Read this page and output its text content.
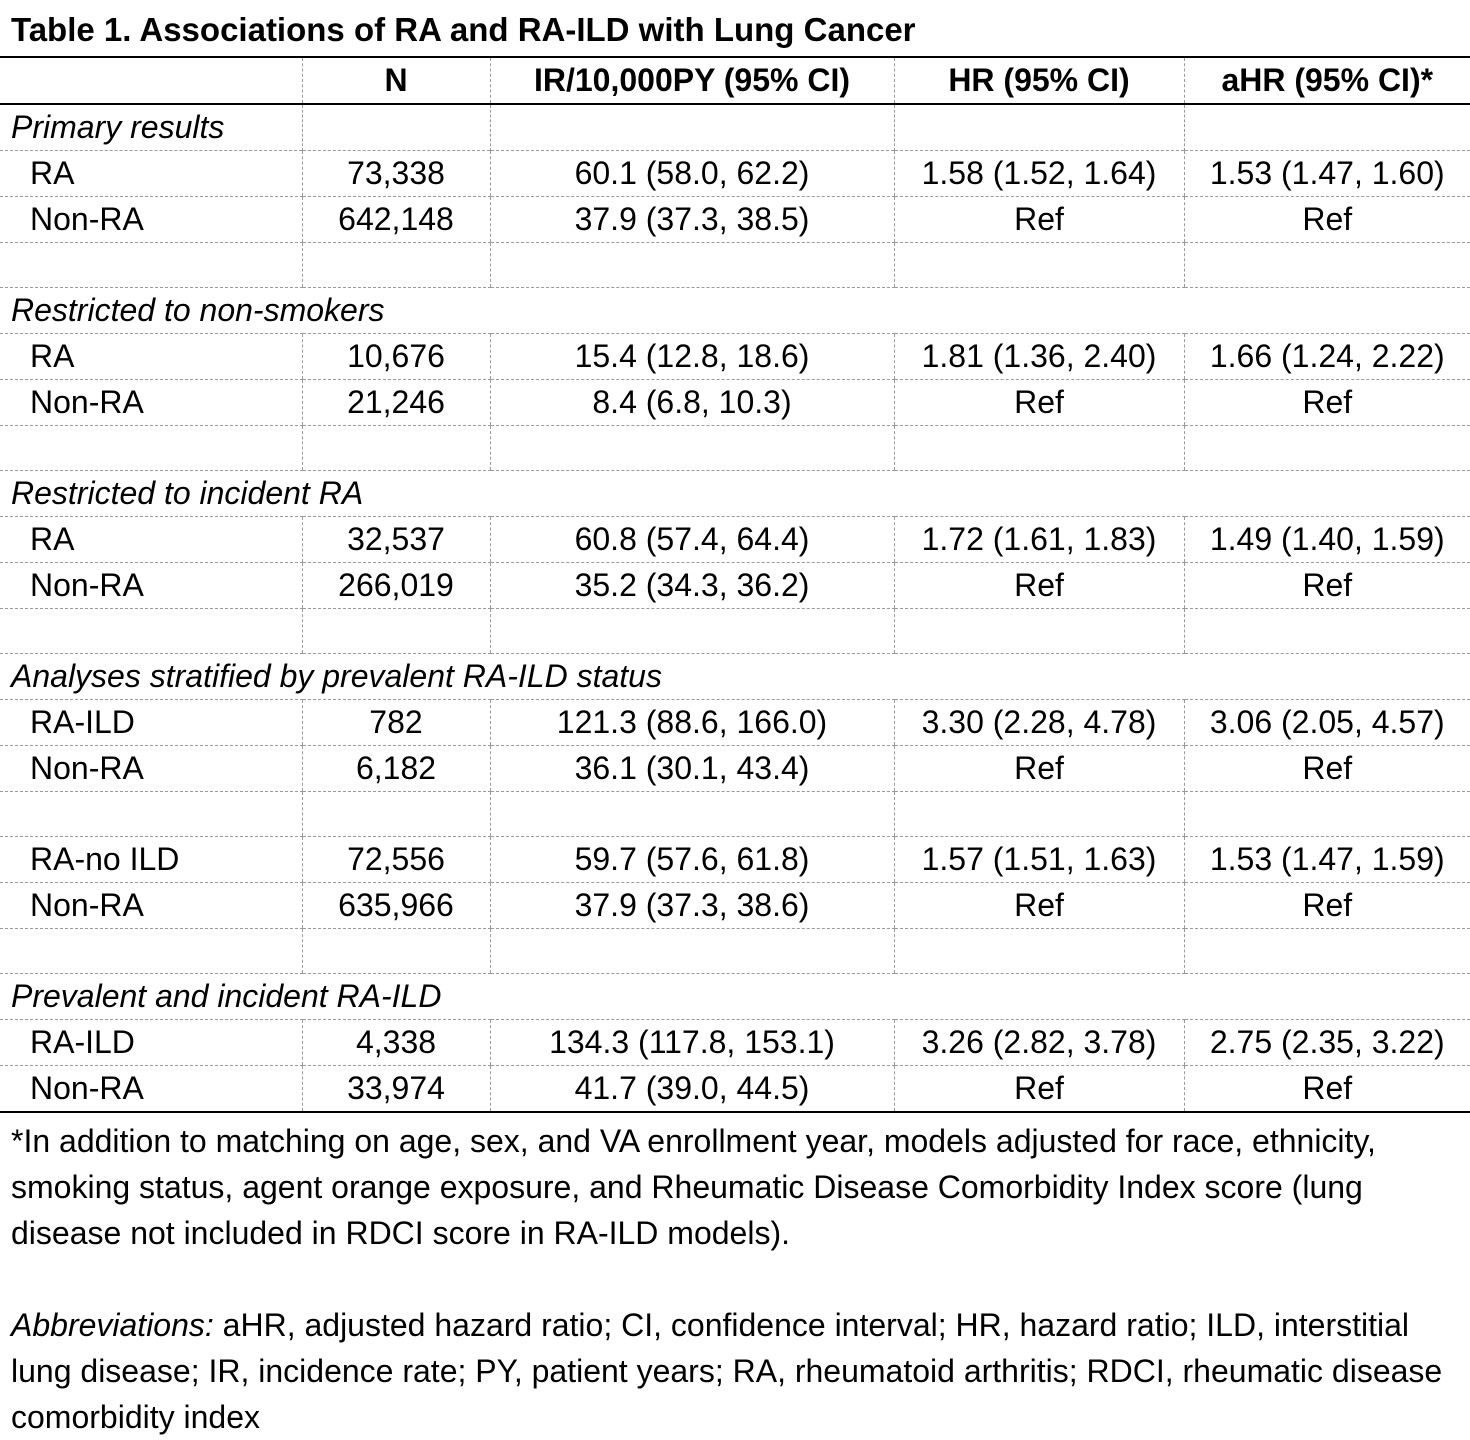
Table 1. Associations of RA and RA-ILD with Lung Cancer
	N	IR/10,000PY (95% CI)	HR (95% CI)	aHR (95% CI)*
Primary results				
RA	73,338	60.1 (58.0, 62.2)	1.58 (1.52, 1.64)	1.53 (1.47, 1.60)
Non-RA	642,148	37.9 (37.3, 38.5)	Ref	Ref

Restricted to non-smokers				
RA	10,676	15.4 (12.8, 18.6)	1.81 (1.36, 2.40)	1.66 (1.24, 2.22)
Non-RA	21,246	8.4 (6.8, 10.3)	Ref	Ref

Restricted to incident RA				
RA	32,537	60.8 (57.4, 64.4)	1.72 (1.61, 1.83)	1.49 (1.40, 1.59)
Non-RA	266,019	35.2 (34.3, 36.2)	Ref	Ref

Analyses stratified by prevalent RA-ILD status				
RA-ILD	782	121.3 (88.6, 166.0)	3.30 (2.28, 4.78)	3.06 (2.05, 4.57)
Non-RA	6,182	36.1 (30.1, 43.4)	Ref	Ref

RA-no ILD	72,556	59.7 (57.6, 61.8)	1.57 (1.51, 1.63)	1.53 (1.47, 1.59)
Non-RA	635,966	37.9 (37.3, 38.6)	Ref	Ref

Prevalent and incident RA-ILD				
RA-ILD	4,338	134.3 (117.8, 153.1)	3.26 (2.82, 3.78)	2.75 (2.35, 3.22)
Non-RA	33,974	41.7 (39.0, 44.5)	Ref	Ref
*In addition to matching on age, sex, and VA enrollment year, models adjusted for race, ethnicity, smoking status, agent orange exposure, and Rheumatic Disease Comorbidity Index score (lung disease not included in RDCI score in RA-ILD models).
Abbreviations: aHR, adjusted hazard ratio; CI, confidence interval; HR, hazard ratio; ILD, interstitial lung disease; IR, incidence rate; PY, patient years; RA, rheumatoid arthritis; RDCI, rheumatic disease comorbidity index
